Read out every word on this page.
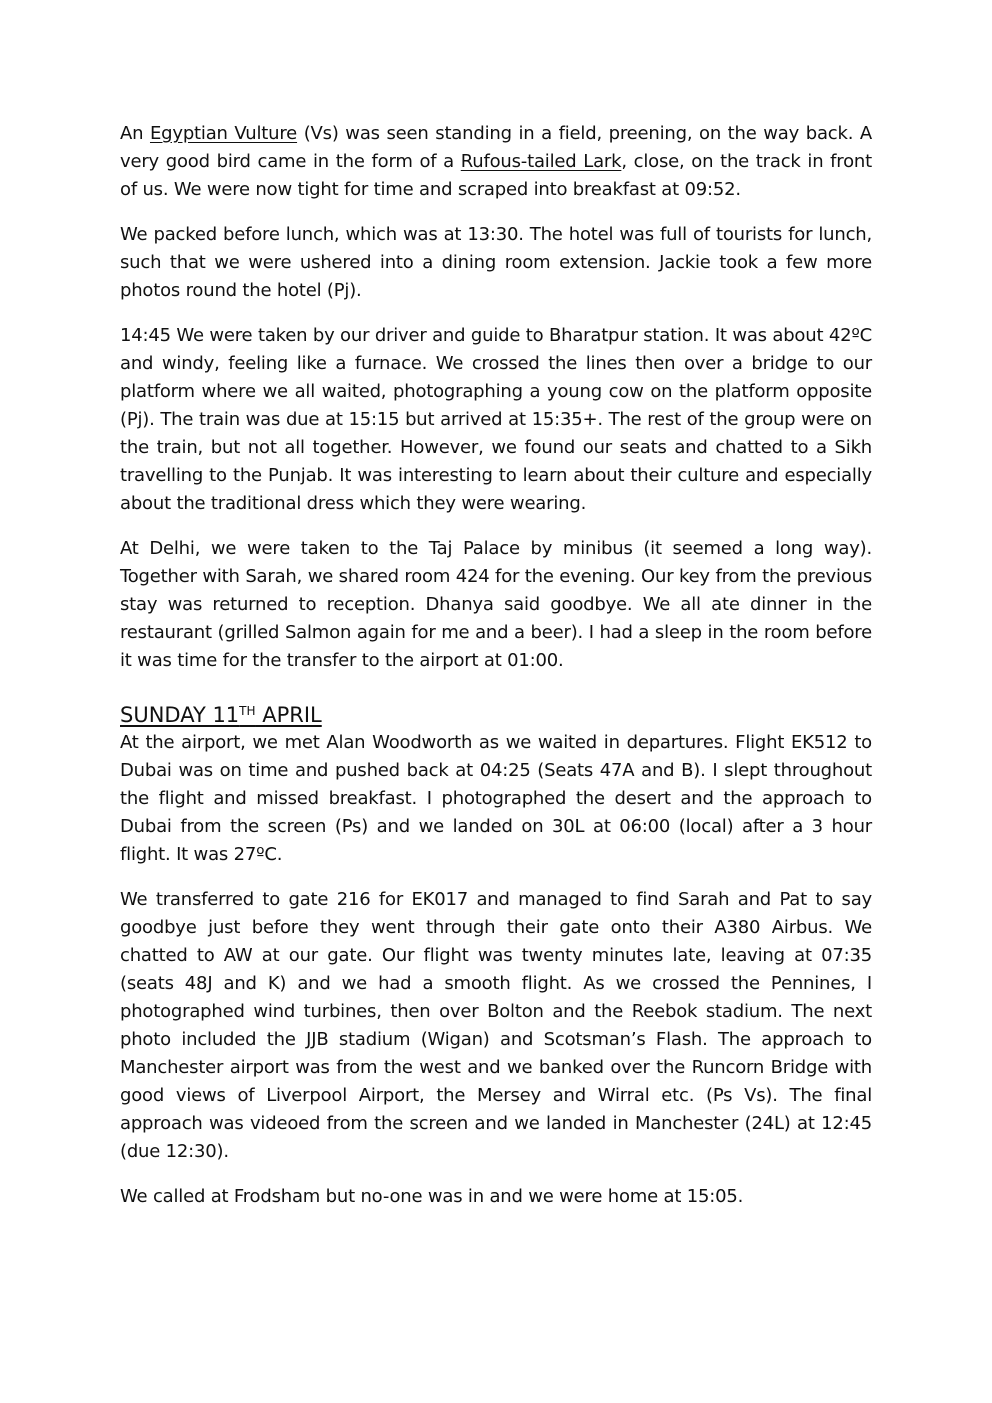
An Egyptian Vulture (Vs) was seen standing in a field, preening, on the way back. A very good bird came in the form of a Rufous-tailed Lark, close, on the track in front of us. We were now tight for time and scraped into breakfast at 09:52.

We packed before lunch, which was at 13:30. The hotel was full of tourists for lunch, such that we were ushered into a dining room extension. Jackie took a few more photos round the hotel (Pj).

14:45 We were taken by our driver and guide to Bharatpur station. It was about 42ºC and windy, feeling like a furnace. We crossed the lines then over a bridge to our platform where we all waited, photographing a young cow on the platform opposite (Pj). The train was due at 15:15 but arrived at 15:35+. The rest of the group were on the train, but not all together. However, we found our seats and chatted to a Sikh travelling to the Punjab. It was interesting to learn about their culture and especially about the traditional dress which they were wearing.

At Delhi, we were taken to the Taj Palace by minibus (it seemed a long way). Together with Sarah, we shared room 424 for the evening. Our key from the previous stay was returned to reception. Dhanya said goodbye. We all ate dinner in the restaurant (grilled Salmon again for me and a beer). I had a sleep in the room before it was time for the transfer to the airport at 01:00.

SUNDAY 11TH APRIL

At the airport, we met Alan Woodworth as we waited in departures. Flight EK512 to Dubai was on time and pushed back at 04:25 (Seats 47A and B). I slept throughout the flight and missed breakfast. I photographed the desert and the approach to Dubai from the screen (Ps) and we landed on 30L at 06:00 (local) after a 3 hour flight. It was 27ºC.

We transferred to gate 216 for EK017 and managed to find Sarah and Pat to say goodbye just before they went through their gate onto their A380 Airbus. We chatted to AW at our gate. Our flight was twenty minutes late, leaving at 07:35 (seats 48J and K) and we had a smooth flight. As we crossed the Pennines, I photographed wind turbines, then over Bolton and the Reebok stadium. The next photo included the JJB stadium (Wigan) and Scotsman’s Flash. The approach to Manchester airport was from the west and we banked over the Runcorn Bridge with good views of Liverpool Airport, the Mersey and Wirral etc. (Ps Vs). The final approach was videoed from the screen and we landed in Manchester (24L) at 12:45 (due 12:30).

We called at Frodsham but no-one was in and we were home at 15:05.
